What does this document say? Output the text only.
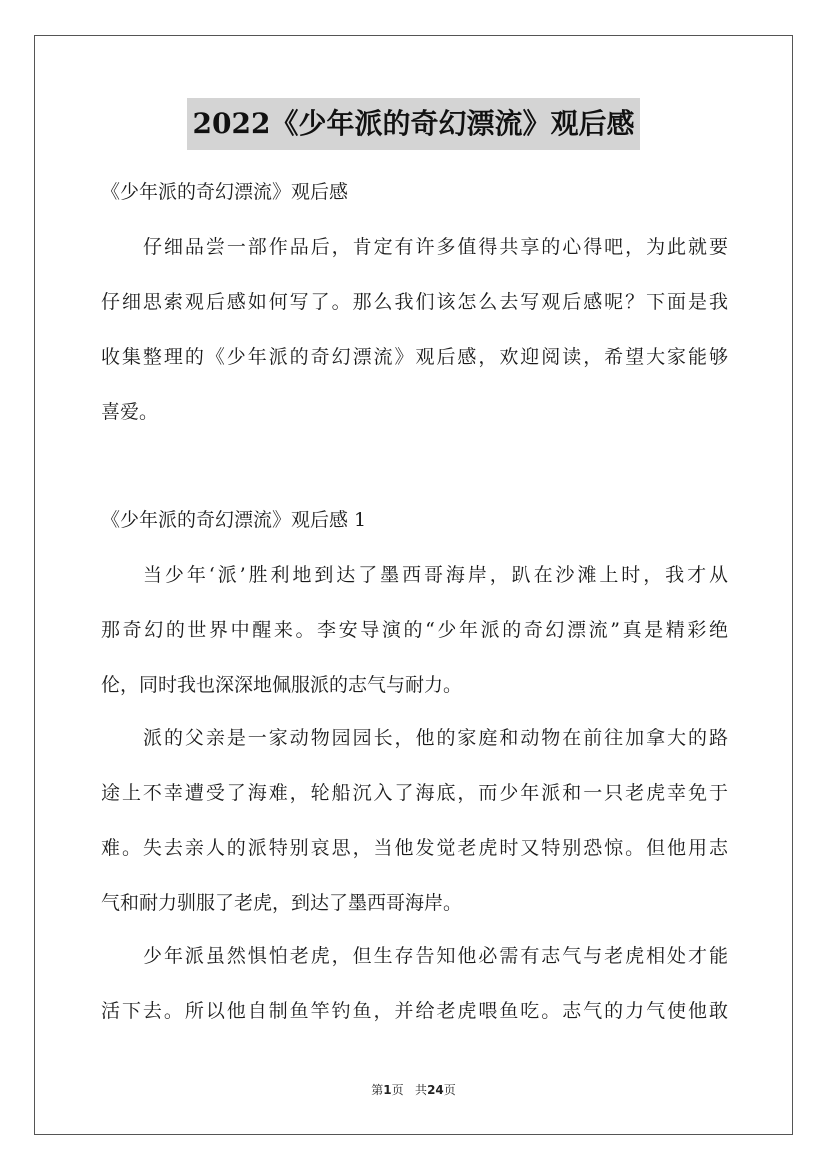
2022《少年派的奇幻漂流》观后感
《少年派的奇幻漂流》观后感
仔细品尝一部作品后，肯定有许多值得共享的心得吧，为此就要
仔细思索观后感如何写了。那么我们该怎么去写观后感呢？下面是我
收集整理的《少年派的奇幻漂流》观后感，欢迎阅读，希望大家能够
喜爱。
《少年派的奇幻漂流》观后感 1
当少年‘派’胜利地到达了墨西哥海岸，趴在沙滩上时，我才从
那奇幻的世界中醒来。李安导演的“少年派的奇幻漂流”真是精彩绝
伦，同时我也深深地佩服派的志气与耐力。
派的父亲是一家动物园园长，他的家庭和动物在前往加拿大的路
途上不幸遭受了海难，轮船沉入了海底，而少年派和一只老虎幸免于
难。失去亲人的派特别哀思，当他发觉老虎时又特别恐惊。但他用志
气和耐力驯服了老虎，到达了墨西哥海岸。
少年派虽然惧怕老虎，但生存告知他必需有志气与老虎相处才能
活下去。所以他自制鱼竿钓鱼，并给老虎喂鱼吃。志气的力气使他敢
第1页 共24页
